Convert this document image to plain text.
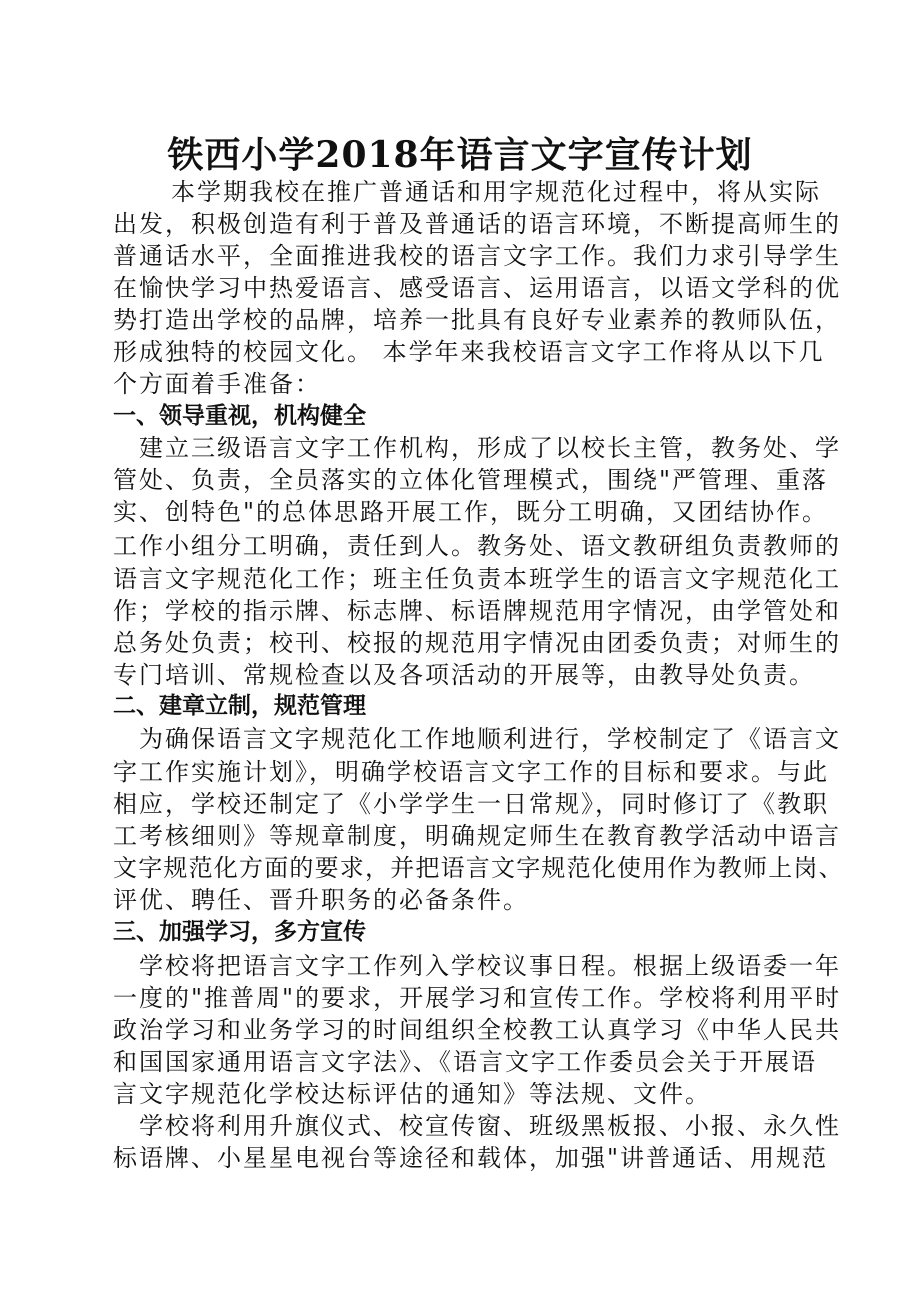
铁西小学2018年语言文字宣传计划
本学期我校在推广普通话和用字规范化过程中，将从实际
出发，积极创造有利于普及普通话的语言环境，不断提高师生的
普通话水平，全面推进我校的语言文字工作。我们力求引导学生
在愉快学习中热爱语言、感受语言、运用语言，以语文学科的优
势打造出学校的品牌，培养一批具有良好专业素养的教师队伍，
形成独特的校园文化。 本学年来我校语言文字工作将从以下几
个方面着手准备：
一、领导重视，机构健全
建立三级语言文字工作机构，形成了以校长主管，教务处、学
管处、负责，全员落实的立体化管理模式，围绕"严管理、重落
实、创特色"的总体思路开展工作，既分工明确，又团结协作。
工作小组分工明确，责任到人。教务处、语文教研组负责教师的
语言文字规范化工作；班主任负责本班学生的语言文字规范化工
作；学校的指示牌、标志牌、标语牌规范用字情况，由学管处和
总务处负责；校刊、校报的规范用字情况由团委负责；对师生的
专门培训、常规检查以及各项活动的开展等，由教导处负责。
二、建章立制，规范管理
为确保语言文字规范化工作地顺利进行，学校制定了《语言文
字工作实施计划》，明确学校语言文字工作的目标和要求。与此
相应，学校还制定了《小学学生一日常规》，同时修订了《教职
工考核细则》等规章制度，明确规定师生在教育教学活动中语言
文字规范化方面的要求，并把语言文字规范化使用作为教师上岗、
评优、聘任、晋升职务的必备条件。
三、加强学习，多方宣传
学校将把语言文字工作列入学校议事日程。根据上级语委一年
一度的"推普周"的要求，开展学习和宣传工作。学校将利用平时
政治学习和业务学习的时间组织全校教工认真学习《中华人民共
和国国家通用语言文字法》、《语言文字工作委员会关于开展语
言文字规范化学校达标评估的通知》等法规、文件。
学校将利用升旗仪式、校宣传窗、班级黑板报、小报、永久性
标语牌、小星星电视台等途径和载体，加强"讲普通话、用规范
